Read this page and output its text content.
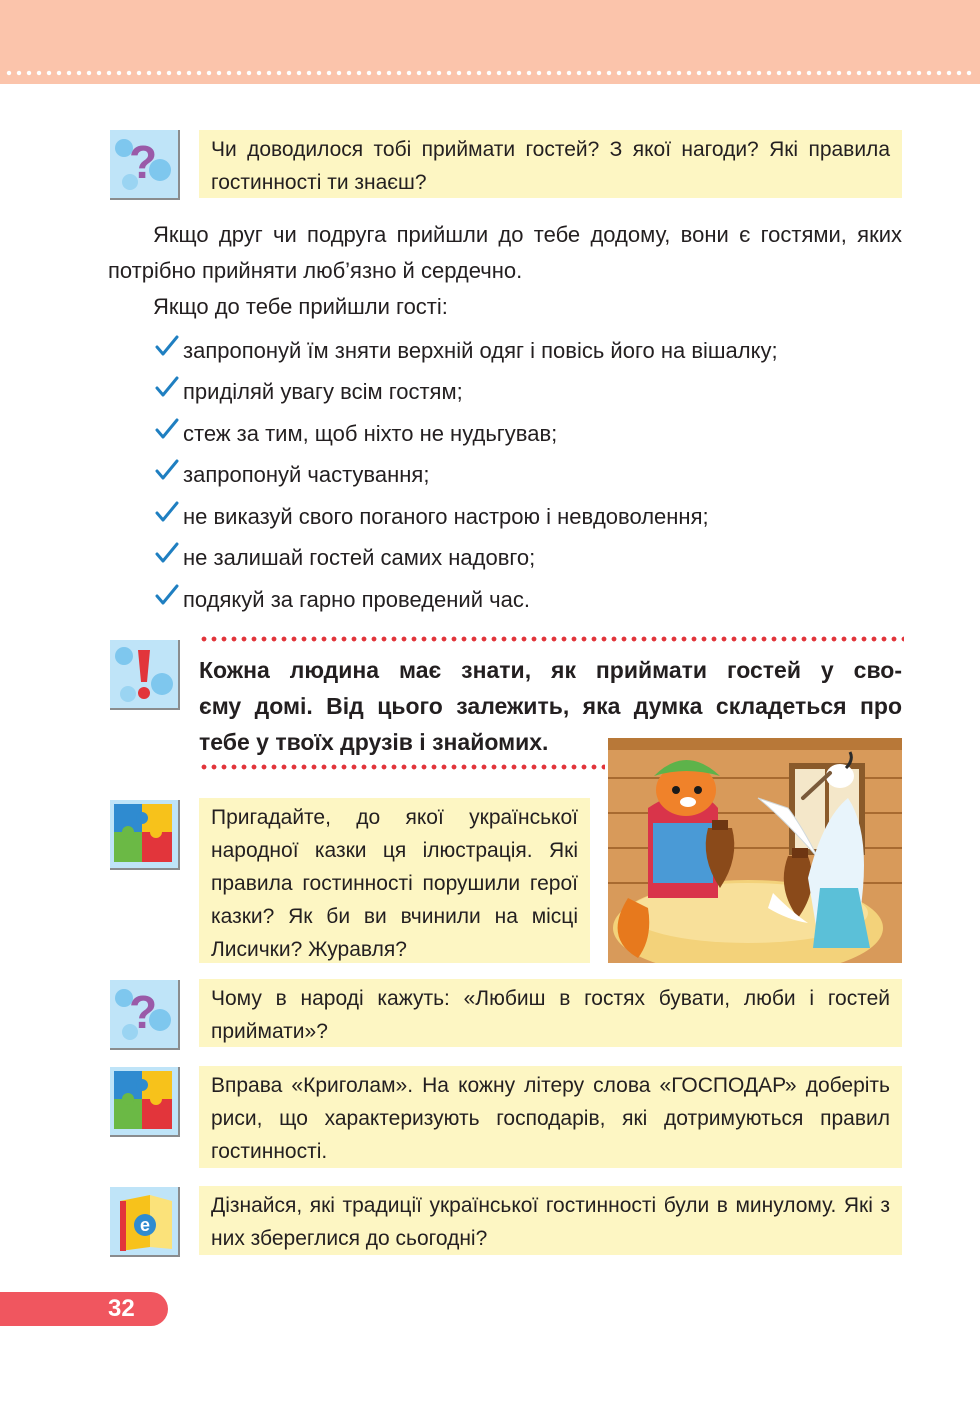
?	Чи доводилося тобі приймати гостей? З якої нагоди? Які правила гостинності ти знаєш?
Якщо друг чи подруга прийшли до тебе додому, вони є гостями, яких потрібно прийняти люб’язно й сердечно.
Якщо до тебе прийшли гості:
запропонуй їм зняти верхній одяг і повісь його на вішалку;
приділяй увагу всім гостям;
стеж за тим, щоб ніхто не нудьгував;
запропонуй частування;
не виказуй свого поганого настрою і невдоволення;
не залишай гостей самих надовго;
подякуй за гарно проведений час.
Кожна людина має знати, як приймати гостей у сво-
єму домі. Від цього залежить, яка думка складеться про
тебе у твоїх друзів і знайомих.
Пригадайте, до якої української народної казки ця ілюстрація. Які правила гостинності порушили герої казки? Як би ви вчинили на місці Лисички? Журавля?
?	Чому в народі кажуть: «Любиш в гостях бувати, люби і гостей приймати»?
Вправа «Криголам». На кожну літеру слова «ГОСПОДАР» доберіть риси, що характеризують господарів, які дотримуються правил гостинності.
e
Дізнайся, які традиції української гостинності були в минулому. Які з них збереглися до сьогодні?
32
